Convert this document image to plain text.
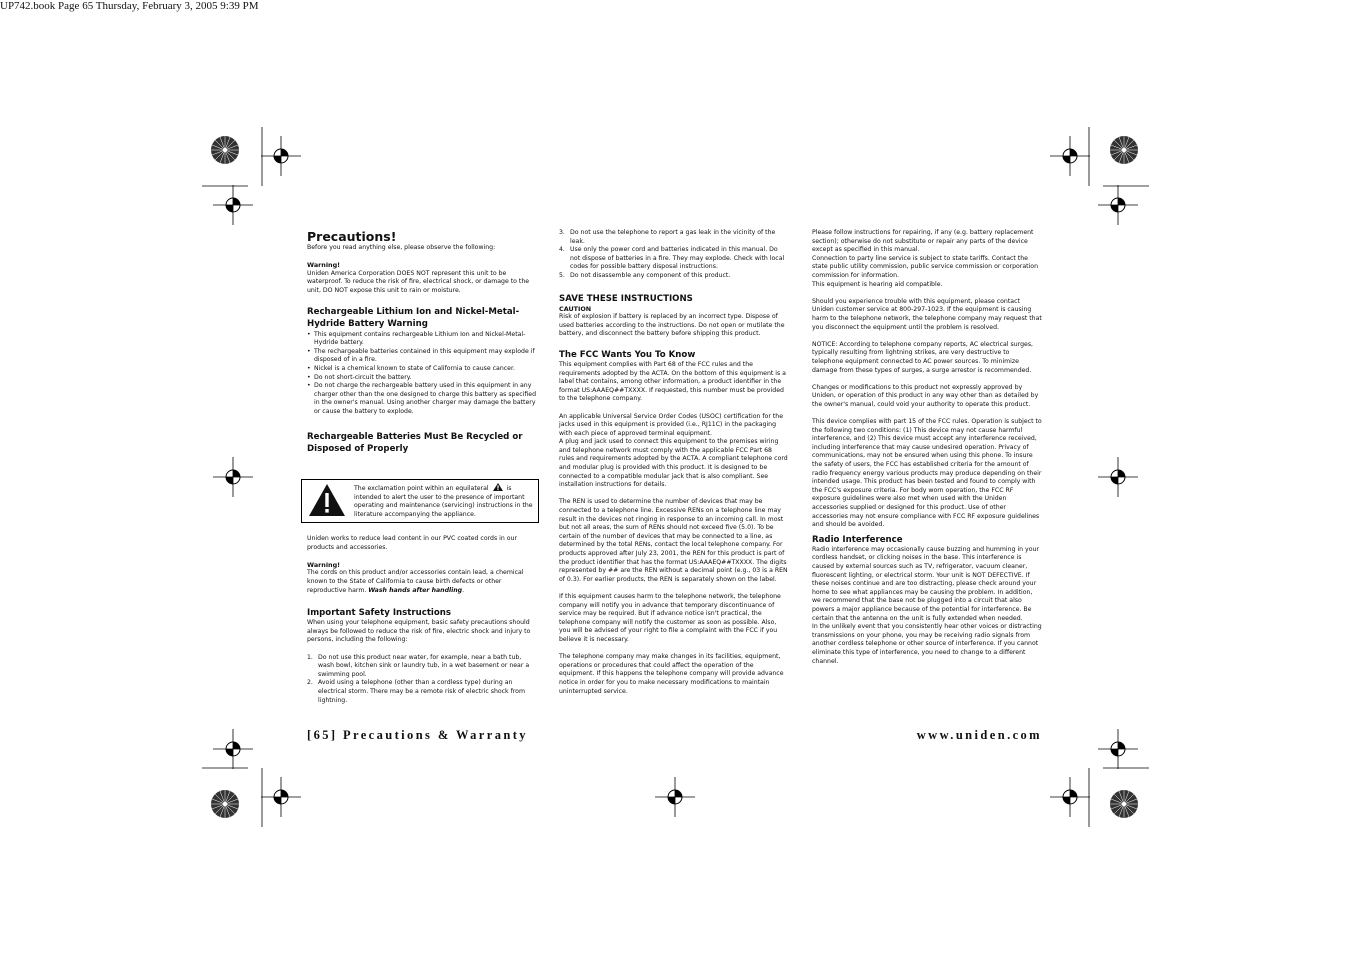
UP742.book Page 65 Thursday, February 3, 2005 9:39 PM

Precautions!

Before you read anything else, please observe the following:

Warning!

Uniden America Corporation DOES NOT represent this unit to be waterproof. To reduce the risk of fire, electrical shock, or damage to the unit, DO NOT expose this unit to rain or moisture.

Rechargeable Lithium Ion and Nickel-Metal-Hydride Battery Warning

• This equipment contains rechargeable Lithium Ion and Nickel-Metal-Hydride battery.
• The rechargeable batteries contained in this equipment may explode if disposed of in a fire.
• Nickel is a chemical known to state of California to cause cancer.
• Do not short-circuit the battery.
• Do not charge the rechargeable battery used in this equipment in any charger other than the one designed to charge this battery as specified in the owner's manual. Using another charger may damage the battery or cause the battery to explode.

Rechargeable Batteries Must Be Recycled or Disposed of Properly

The exclamation point within an equilateral	is intended to alert the user to the presence of important operating and maintenance (servicing) instructions in the literature accompanying the appliance.

Uniden works to reduce lead content in our PVC coated cords in our products and accessories.

Warning!

The cords on this product and/or accessories contain lead, a chemical known to the State of California to cause birth defects or other reproductive harm. Wash hands after handling.

Important Safety Instructions

When using your telephone equipment, basic safety precautions should always be followed to reduce the risk of fire, electric shock and injury to persons, including the following:

1. Do not use this product near water, for example, near a bath tub, wash bowl, kitchen sink or laundry tub, in a wet basement or near a swimming pool.
2. Avoid using a telephone (other than a cordless type) during an electrical storm. There may be a remote risk of electric shock from lightning.
3. Do not use the telephone to report a gas leak in the vicinity of the leak.
4. Use only the power cord and batteries indicated in this manual. Do not dispose of batteries in a fire. They may explode. Check with local codes for possible battery disposal instructions.
5. Do not disassemble any component of this product.

SAVE THESE INSTRUCTIONS

CAUTION

Risk of explosion if battery is replaced by an incorrect type. Dispose of used batteries according to the instructions. Do not open or mutilate the battery, and disconnect the battery before shipping this product.

The FCC Wants You To Know

This equipment complies with Part 68 of the FCC rules and the requirements adopted by the ACTA. On the bottom of this equipment is a label that contains, among other information, a product identifier in the format US:AAAEQ##TXXXX. If requested, this number must be provided to the telephone company.

An applicable Universal Service Order Codes (USOC) certification for the jacks used in this equipment is provided (i.e., RJ11C) in the packaging with each piece of approved terminal equipment.

A plug and jack used to connect this equipment to the premises wiring and telephone network must comply with the applicable FCC Part 68 rules and requirements adopted by the ACTA. A compliant telephone cord and modular plug is provided with this product. It is designed to be connected to a compatible modular jack that is also compliant. See installation instructions for details.

The REN is used to determine the number of devices that may be connected to a telephone line. Excessive RENs on a telephone line may result in the devices not ringing in response to an incoming call. In most but not all areas, the sum of RENs should not exceed five (5.0). To be certain of the number of devices that may be connected to a line, as determined by the total RENs, contact the local telephone company. For products approved after July 23, 2001, the REN for this product is part of the product identifier that has the format US:AAAEQ##TXXXX. The digits represented by ## are the REN without a decimal point (e.g., 03 is a REN of 0.3). For earlier products, the REN is separately shown on the label.

If this equipment causes harm to the telephone network, the telephone company will notify you in advance that temporary discontinuance of service may be required. But if advance notice isn't practical, the telephone company will notify the customer as soon as possible. Also, you will be advised of your right to file a complaint with the FCC if you believe it is necessary.

The telephone company may make changes in its facilities, equipment, operations or procedures that could affect the operation of the equipment. If this happens the telephone company will provide advance notice in order for you to make necessary modifications to maintain uninterrupted service.

Please follow instructions for repairing, if any (e.g. battery replacement section); otherwise do not substitute or repair any parts of the device except as specified in this manual.

Connection to party line service is subject to state tariffs. Contact the state public utility commission, public service commission or corporation commission for information.

This equipment is hearing aid compatible.

Should you experience trouble with this equipment, please contact Uniden customer service at 800-297-1023. If the equipment is causing harm to the telephone network, the telephone company may request that you disconnect the equipment until the problem is resolved.

NOTICE: According to telephone company reports, AC electrical surges, typically resulting from lightning strikes, are very destructive to telephone equipment connected to AC power sources. To minimize damage from these types of surges, a surge arrestor is recommended.

Changes or modifications to this product not expressly approved by Uniden, or operation of this product in any way other than as detailed by the owner's manual, could void your authority to operate this product.

This device complies with part 15 of the FCC rules. Operation is subject to the following two conditions: (1) This device may not cause harmful interference, and (2) This device must accept any interference received, including interference that may cause undesired operation. Privacy of communications, may not be ensured when using this phone. To insure the safety of users, the FCC has established criteria for the amount of radio frequency energy various products may produce depending on their intended usage. This product has been tested and found to comply with the FCC's exposure criteria. For body worn operation, the FCC RF exposure guidelines were also met when used with the Uniden accessories supplied or designed for this product. Use of other accessories may not ensure compliance with FCC RF exposure guidelines and should be avoided.

Radio Interference

Radio interference may occasionally cause buzzing and humming in your cordless handset, or clicking noises in the base. This interference is caused by external sources such as TV, refrigerator, vacuum cleaner, fluorescent lighting, or electrical storm. Your unit is NOT DEFECTIVE. If these noises continue and are too distracting, please check around your home to see what appliances may be causing the problem. In addition, we recommend that the base not be plugged into a circuit that also powers a major appliance because of the potential for interference. Be certain that the antenna on the unit is fully extended when needed.

In the unlikely event that you consistently hear other voices or distracting transmissions on your phone, you may be receiving radio signals from another cordless telephone or other source of interference. If you cannot eliminate this type of interference, you need to change to a different channel.

[65] Precautions & Warranty	www.uniden.com
